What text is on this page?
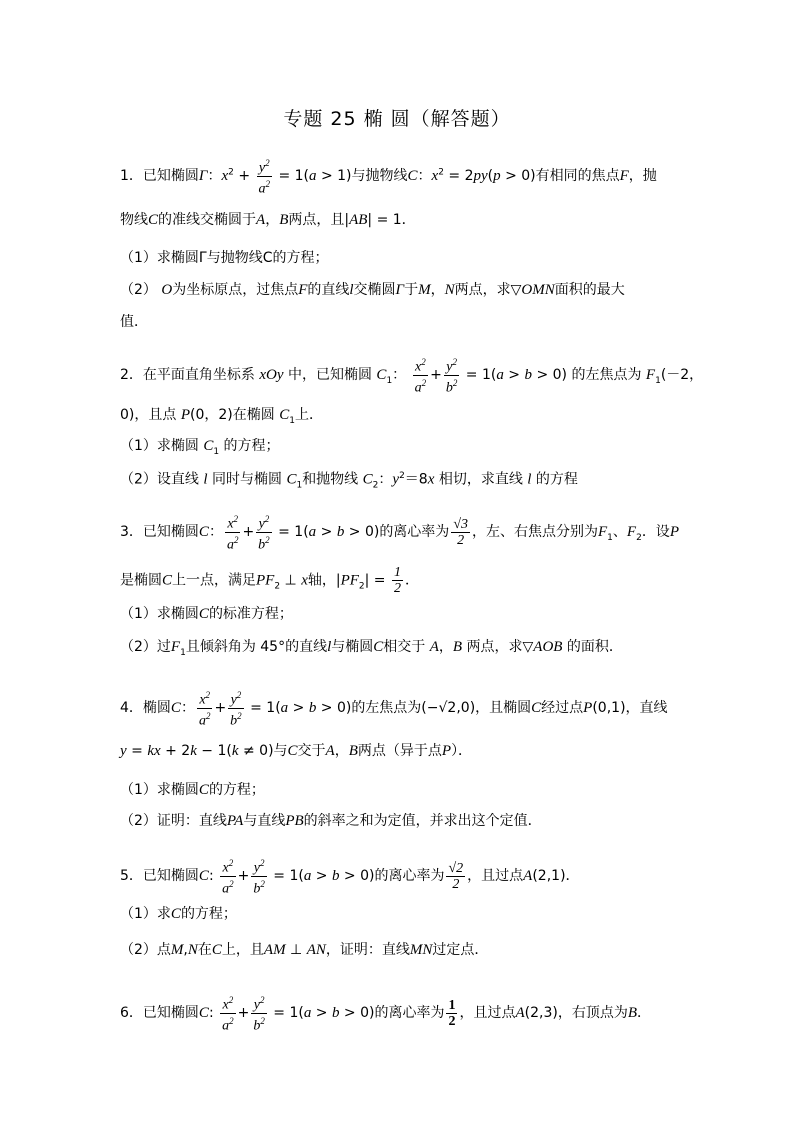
专题 25 椭 圆（解答题）
1．已知椭圆Γ：$x^2 + \frac{y^2}{a^2} = 1(a > 1)$与抛物线C：$x^2 = 2py(p > 0)$有相同的焦点F，抛
物线C的准线交椭圆于A，B两点，且|AB| = 1．
（1）求椭圆Γ与抛物线C的方程；
（2） O为坐标原点，过焦点F的直线l交椭圆Γ于M，N两点，求▽OMN面积的最大
值．
2．在平面直角坐标系 xOy 中，已知椭圆 $C_1$： $\frac{x^2}{a^2} + \frac{y^2}{b^2} = 1(a > b > 0)$ 的左焦点为 $F_1(-2$，
0)，且点 P(0，2)在椭圆 $C_1$上．
（1）求椭圆 $C_1$ 的方程；
（2）设直线 l 同时与椭圆 $C_1$和抛物线 $C_2$：$y^2=8x$ 相切，求直线 l 的方程
3．已知椭圆C： $\frac{x^2}{a^2} + \frac{y^2}{b^2} = 1(a > b > 0)$的离心率为 $\frac{√3}{2}$ ，左、右焦点分别为$F_1$、$F_2$．设P
是椭圆C上一点，满足$PF_2$ ⊥ x轴，$|PF_2| = \frac{1}{2}$ ．
（1）求椭圆C的标准方程；
（2）过$F_1$且倾斜角为 45°的直线l与椭圆C相交于 A，B 两点，求▽AOB 的面积．
4．椭圆C： $\frac{x^2}{a^2} + \frac{y^2}{b^2} = 1(a > b > 0)$的左焦点为(−√2,0)，且椭圆C经过点P(0,1)，直线
y = kx + 2k − 1(k ≠ 0)与C交于A，B两点（异于点P）．
（1）求椭圆C的方程；
（2）证明：直线PA与直线PB的斜率之和为定值，并求出这个定值．
5．已知椭圆C: $\frac{x^2}{a^2} + \frac{y^2}{b^2} = 1(a > b > 0)$的离心率为 $\frac{√2}{2}$ ，且过点A(2,1)．
（1）求C的方程；
（2）点M,N在C上，且AM ⊥ AN，证明：直线MN过定点．
6．已知椭圆C: $\frac{x^2}{a^2} + \frac{y^2}{b^2} = 1(a > b > 0)$的离心率为 $\frac{1}{2}$ ，且过点A(2,3)，右顶点为B．
